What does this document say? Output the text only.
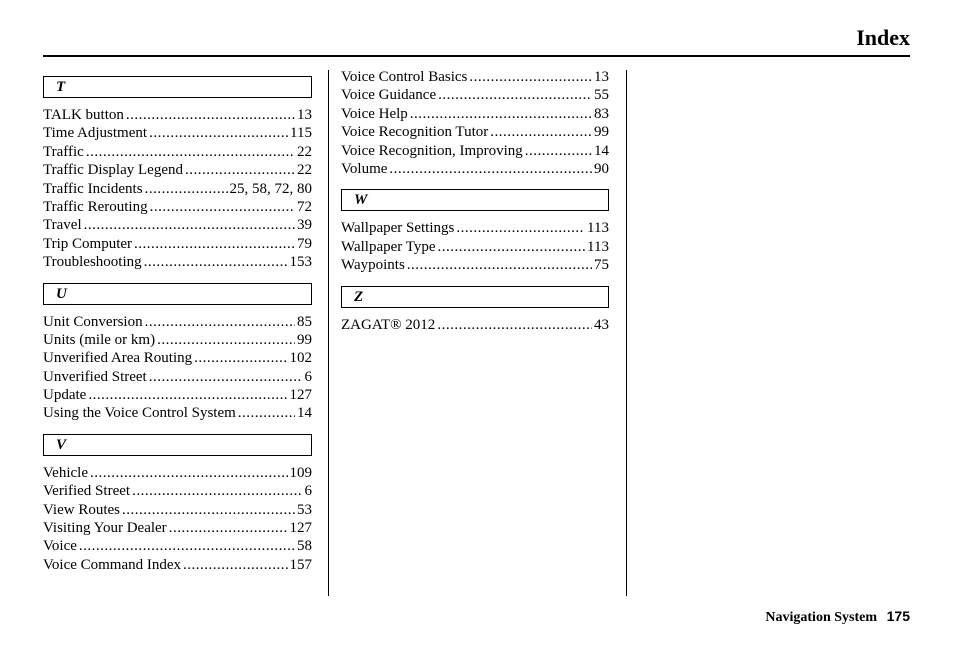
Index
T
TALK button .....	13
Time Adjustment .....	115
Traffic .....	22
Traffic Display Legend .....	22
Traffic Incidents .....	25, 58, 72, 80
Traffic Rerouting .....	72
Travel .....	39
Trip Computer .....	79
Troubleshooting .....	153
U
Unit Conversion .....	85
Units (mile or km) .....	99
Unverified Area Routing .....	102
Unverified Street .....	6
Update .....	127
Using the Voice Control System .....	14
V
Vehicle .....	109
Verified Street .....	6
View Routes .....	53
Visiting Your Dealer .....	127
Voice .....	58
Voice Command Index .....	157
Voice Control Basics .....	13
Voice Guidance .....	55
Voice Help .....	83
Voice Recognition Tutor .....	99
Voice Recognition, Improving .....	14
Volume .....	90
W
Wallpaper Settings .....	113
Wallpaper Type .....	113
Waypoints .....	75
Z
ZAGAT® 2012 .....	43
Navigation System 175
